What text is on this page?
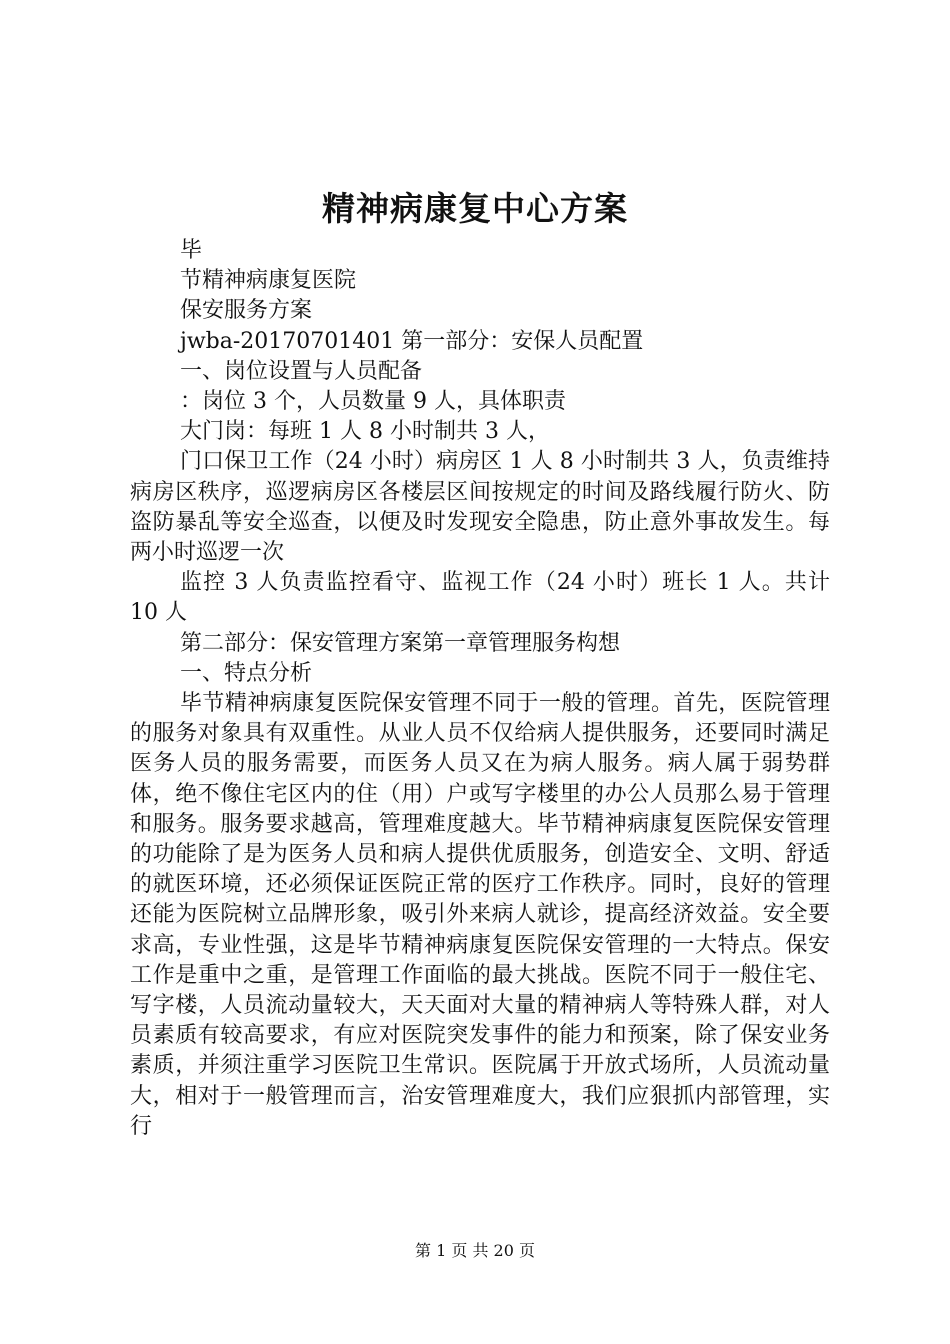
精神病康复中心方案

毕

节精神病康复医院

保安服务方案

jwba-20170701401 第一部分：安保人员配置

一、岗位设置与人员配备

：岗位 3 个，人员数量 9 人，具体职责

大门岗：每班 1 人 8 小时制共 3 人，

门口保卫工作（24 小时）病房区 1 人 8 小时制共 3 人，负责维持病房区秩序，巡逻病房区各楼层区间按规定的时间及路线履行防火、防盗防暴乱等安全巡查，以便及时发现安全隐患，防止意外事故发生。每两小时巡逻一次

监控 3 人负责监控看守、监视工作（24 小时）班长 1 人。共计 10 人

第二部分：保安管理方案第一章管理服务构想

一、特点分析

毕节精神病康复医院保安管理不同于一般的管理。首先，医院管理的服务对象具有双重性。从业人员不仅给病人提供服务，还要同时满足医务人员的服务需要，而医务人员又在为病人服务。病人属于弱势群体，绝不像住宅区内的住（用）户或写字楼里的办公人员那么易于管理和服务。服务要求越高，管理难度越大。毕节精神病康复医院保安管理的功能除了是为医务人员和病人提供优质服务，创造安全、文明、舒适的就医环境，还必须保证医院正常的医疗工作秩序。同时，良好的管理还能为医院树立品牌形象，吸引外来病人就诊，提高经济效益。安全要求高，专业性强，这是毕节精神病康复医院保安管理的一大特点。保安工作是重中之重，是管理工作面临的最大挑战。医院不同于一般住宅、写字楼，人员流动量较大，天天面对大量的精神病人等特殊人群，对人员素质有较高要求，有应对医院突发事件的能力和预案，除了保安业务素质，并须注重学习医院卫生常识。医院属于开放式场所，人员流动量大，相对于一般管理而言，治安管理难度大，我们应狠抓内部管理，实行

第 1 页 共 20 页
